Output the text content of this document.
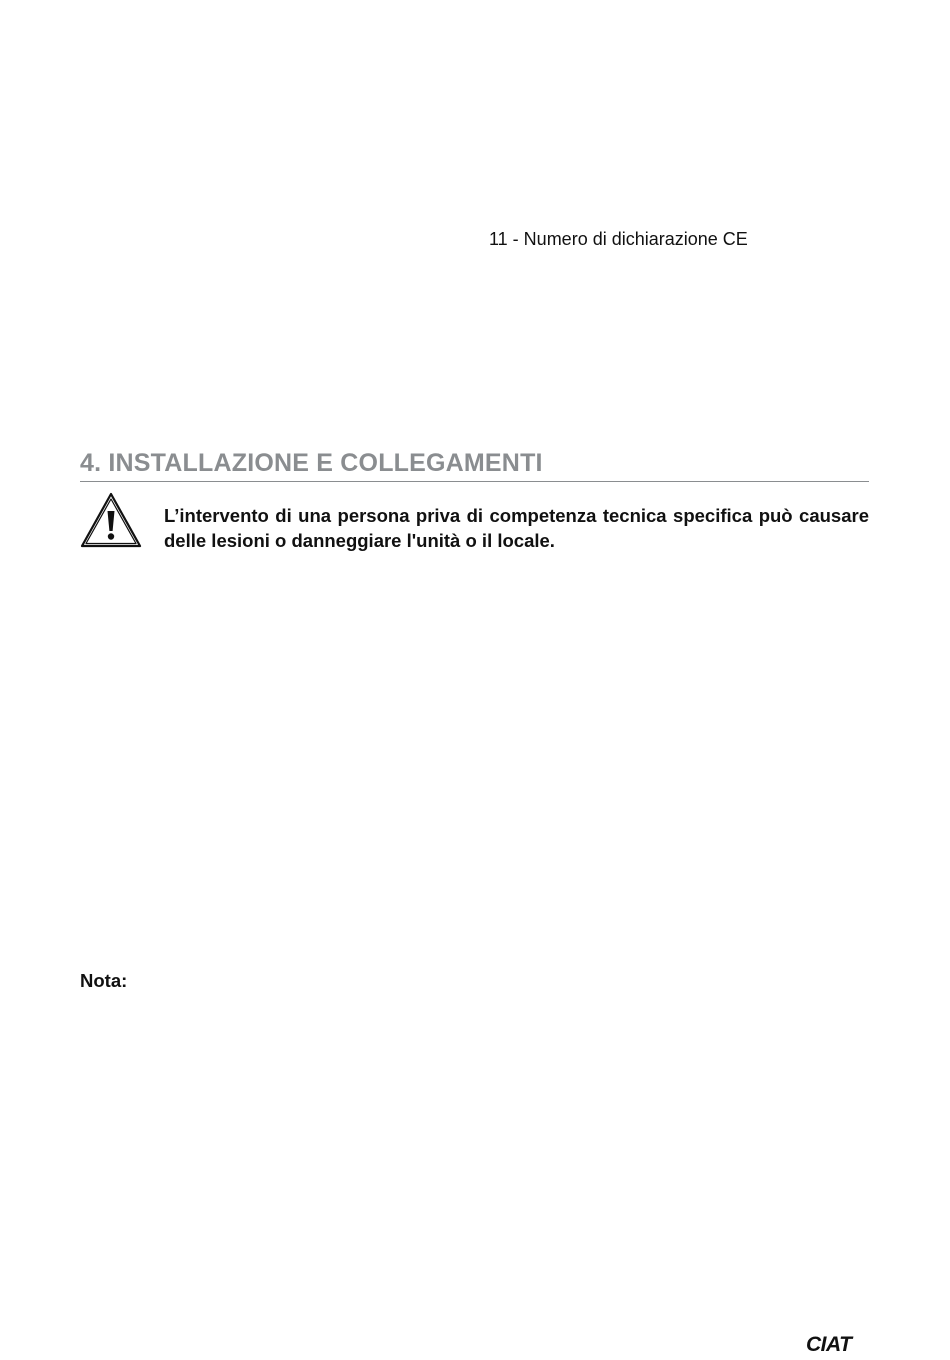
11 - Numero di dichiarazione CE
4. INSTALLAZIONE E COLLEGAMENTI

L’intervento di una persona priva di competenza tecnica specifica può causare delle lesioni o danneggiare l'unità o il locale.

Nota:
CIAT
